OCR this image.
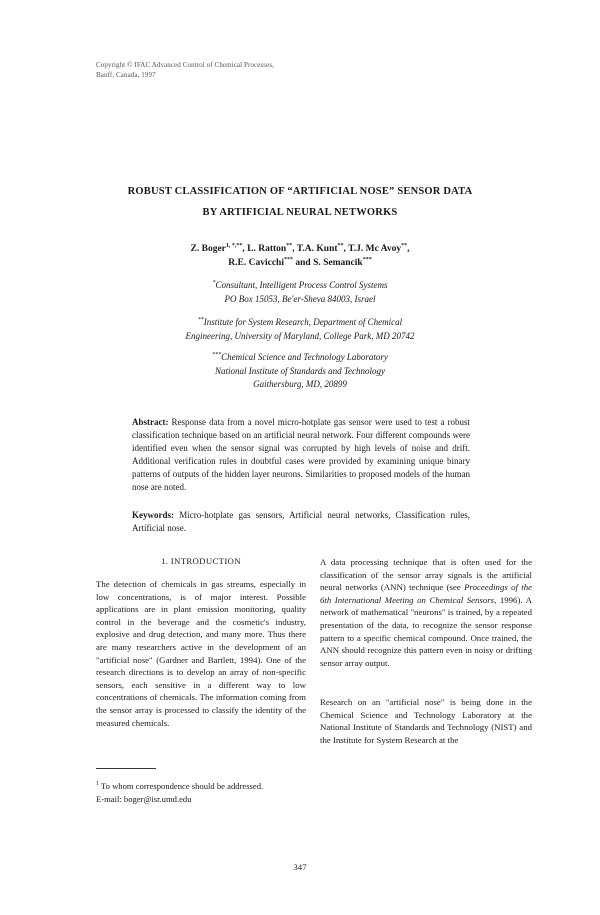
Copyright © IFAC Advanced Control of Chemical Processes,
Banff, Canada, 1997
ROBUST CLASSIFICATION OF “ARTIFICIAL NOSE” SENSOR DATA
BY ARTIFICIAL NEURAL NETWORKS
Z. Boger$^{1, *,**}$, L. Ratton**, T.A. Kunt**, T.J. Mc Avoy**,
R.E. Cavicchi*** and S. Semancik***
*Consultant, Intelligent Process Control Systems
PO Box 15053, Be'er-Sheva 84003, Israel
**Institute for System Research, Department of Chemical
Engineering, University of Maryland, College Park, MD 20742
***Chemical Science and Technology Laboratory
National Institute of Standards and Technology
Gaithersburg, MD, 20899
Abstract: Response data from a novel micro-hotplate gas sensor were used to test a robust classification technique based on an artificial neural network. Four different compounds were identified even when the sensor signal was corrupted by high levels of noise and drift. Additional verification rules in doubtful cases were provided by examining unique binary patterns of outputs of the hidden layer neurons. Similarities to proposed models of the human nose are noted.
Keywords: Micro-hotplate gas sensors, Artificial neural networks, Classification rules, Artificial nose.
1. INTRODUCTION
The detection of chemicals in gas streams, especially in low concentrations, is of major interest. Possible applications are in plant emission monitoring, quality control in the beverage and the cosmetic's industry, explosive and drug detection, and many more. Thus there are many researchers active in the development of an "artificial nose" (Gardner and Bartlett, 1994). One of the research directions is to develop an array of non-specific sensors, each sensitive in a different way to low concentrations of chemicals. The information coming from the sensor array is processed to classify the identity of the measured chemicals.
A data processing technique that is often used for the classification of the sensor array signals is the artificial neural networks (ANN) technique (see Proceedings of the 6th International Meeting on Chemical Sensors, 1996). A network of mathematical "neurons" is trained, by a repeated presentation of the data, to recognize the sensor response pattern to a specific chemical compound. Once trained, the ANN should recognize this pattern even in noisy or drifting sensor array output.
Research on an "artificial nose" is being done in the Chemical Science and Technology Laboratory at the National Institute of Standards and Technology (NIST) and the Institute for System Research at the
$^1$ To whom correspondence should be addressed.
E-mail: boger@isr.umd.edu
347
